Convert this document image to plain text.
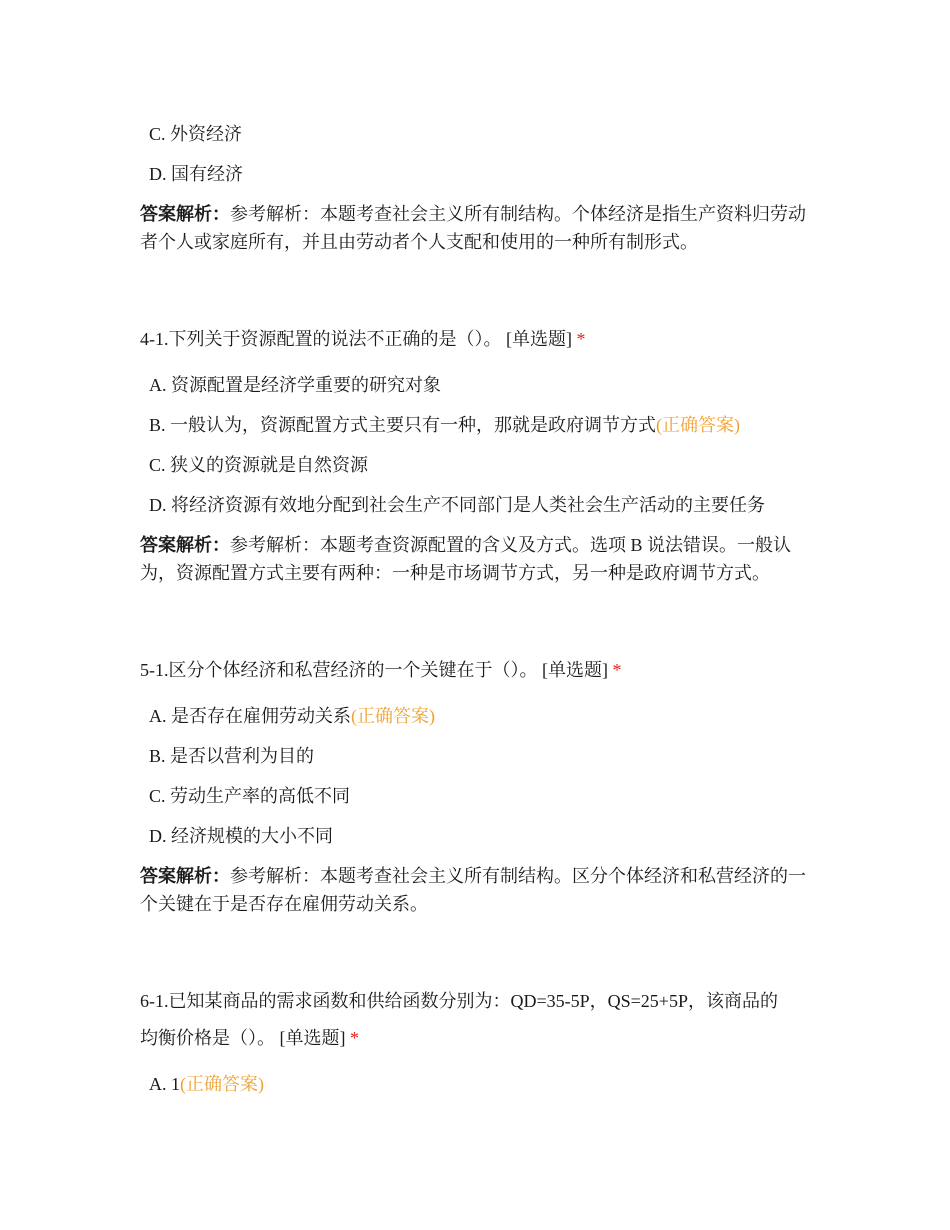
C. 外资经济
D. 国有经济
答案解析：参考解析：本题考查社会主义所有制结构。个体经济是指生产资料归劳动者个人或家庭所有，并且由劳动者个人支配和使用的一种所有制形式。
4-1.下列关于资源配置的说法不正确的是（）。 [单选题] *
A. 资源配置是经济学重要的研究对象
B. 一般认为，资源配置方式主要只有一种，那就是政府调节方式(正确答案)
C. 狭义的资源就是自然资源
D. 将经济资源有效地分配到社会生产不同部门是人类社会生产活动的主要任务
答案解析：参考解析：本题考查资源配置的含义及方式。选项 B 说法错误。一般认为，资源配置方式主要有两种：一种是市场调节方式，另一种是政府调节方式。
5-1.区分个体经济和私营经济的一个关键在于（）。 [单选题] *
A. 是否存在雇佣劳动关系(正确答案)
B. 是否以营利为目的
C. 劳动生产率的高低不同
D. 经济规模的大小不同
答案解析：参考解析：本题考查社会主义所有制结构。区分个体经济和私营经济的一个关键在于是否存在雇佣劳动关系。
6-1.已知某商品的需求函数和供给函数分别为：QD=35-5P，QS=25+5P，该商品的
均衡价格是（）。 [单选题] *
A. 1(正确答案)
